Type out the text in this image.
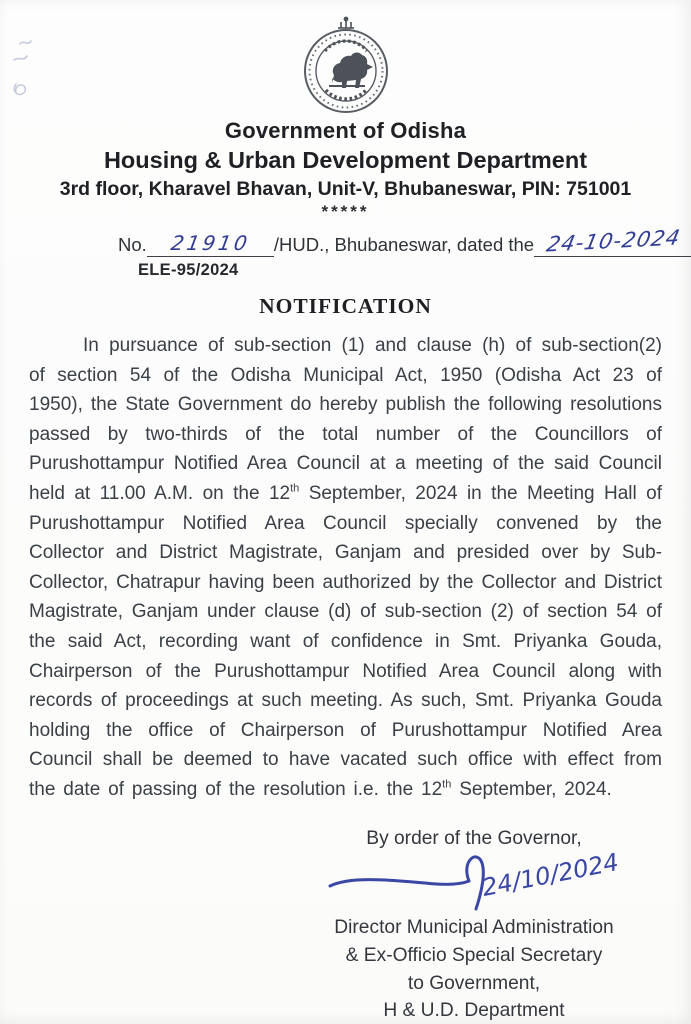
Government of Odisha
Housing & Urban Development Department
3rd floor, Kharavel Bhavan, Unit-V, Bhubaneswar, PIN: 751001
*****
No.	21910	/HUD., Bhubaneswar, dated the 24-10-2024
ELE-95/2024
NOTIFICATION

In pursuance of sub-section (1) and clause (h) of sub-section(2) of section 54 of the Odisha Municipal Act, 1950 (Odisha Act 23 of 1950), the State Government do hereby publish the following resolutions passed by two-thirds of the total number of the Councillors of Purushottampur Notified Area Council at a meeting of the said Council held at 11.00 A.M. on the 12th September, 2024 in the Meeting Hall of Purushottampur Notified Area Council specially convened by the Collector and District Magistrate, Ganjam and presided over by Sub-Collector, Chatrapur having been authorized by the Collector and District Magistrate, Ganjam under clause (d) of sub-section (2) of section 54 of the said Act, recording want of confidence in Smt. Priyanka Gouda, Chairperson of the Purushottampur Notified Area Council along with records of proceedings at such meeting. As such, Smt. Priyanka Gouda holding the office of Chairperson of Purushottampur Notified Area Council shall be deemed to have vacated such office with effect from the date of passing of the resolution i.e. the 12th September, 2024.

By order of the Governor,
24/10/2024
Director Municipal Administration
& Ex-Officio Special Secretary
to Government,
H & U.D. Department
